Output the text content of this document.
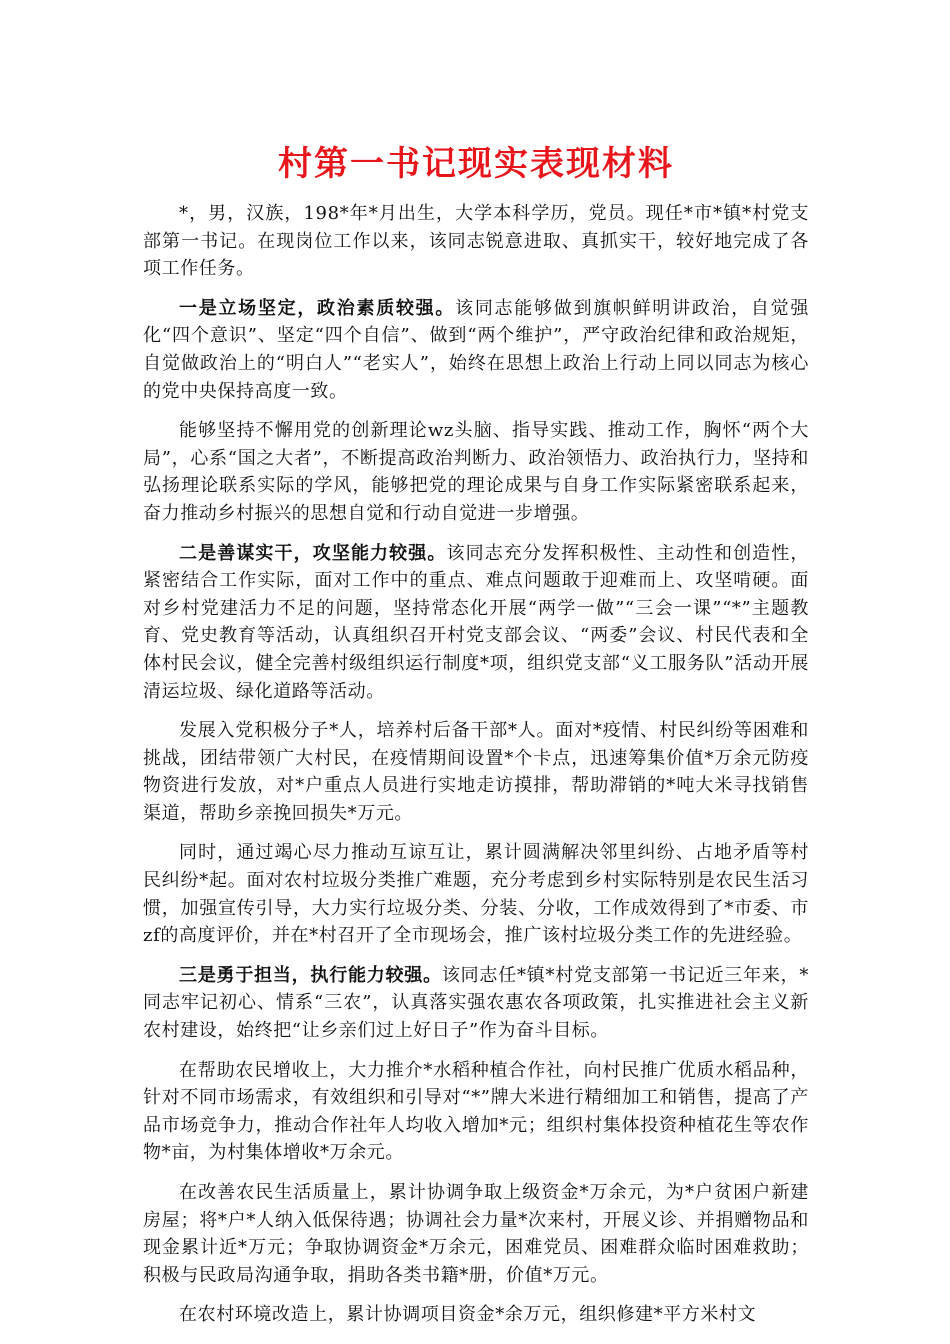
村第一书记现实表现材料

*，男，汉族，198*年*月出生，大学本科学历，党员。现任*市*镇*村党支部第一书记。在现岗位工作以来，该同志锐意进取、真抓实干，较好地完成了各项工作任务。

一是立场坚定，政治素质较强。该同志能够做到旗帜鲜明讲政治，自觉强化“四个意识”、坚定“四个自信”、做到“两个维护”，严守政治纪律和政治规矩，自觉做政治上的“明白人”“老实人”，始终在思想上政治上行动上同以同志为核心的党中央保持高度一致。

能够坚持不懈用党的创新理论wz头脑、指导实践、推动工作，胸怀“两个大局”，心系“国之大者”，不断提高政治判断力、政治领悟力、政治执行力，坚持和弘扬理论联系实际的学风，能够把党的理论成果与自身工作实际紧密联系起来，奋力推动乡村振兴的思想自觉和行动自觉进一步增强。

二是善谋实干，攻坚能力较强。该同志充分发挥积极性、主动性和创造性，紧密结合工作实际，面对工作中的重点、难点问题敢于迎难而上、攻坚啃硬。面对乡村党建活力不足的问题，坚持常态化开展“两学一做”“三会一课”“*”主题教育、党史教育等活动，认真组织召开村党支部会议、“两委”会议、村民代表和全体村民会议，健全完善村级组织运行制度*项，组织党支部“义工服务队”活动开展清运垃圾、绿化道路等活动。

发展入党积极分子*人，培养村后备干部*人。面对*疫情、村民纠纷等困难和挑战，团结带领广大村民，在疫情期间设置*个卡点，迅速筹集价值*万余元防疫物资进行发放，对*户重点人员进行实地走访摸排，帮助滞销的*吨大米寻找销售渠道，帮助乡亲挽回损失*万元。

同时，通过竭心尽力推动互谅互让，累计圆满解决邻里纠纷、占地矛盾等村民纠纷*起。面对农村垃圾分类推广难题，充分考虑到乡村实际特别是农民生活习惯，加强宣传引导，大力实行垃圾分类、分装、分收，工作成效得到了*市委、市zf的高度评价，并在*村召开了全市现场会，推广该村垃圾分类工作的先进经验。

三是勇于担当，执行能力较强。该同志任*镇*村党支部第一书记近三年来，*同志牢记初心、情系“三农”，认真落实强农惠农各项政策，扎实推进社会主义新农村建设，始终把“让乡亲们过上好日子”作为奋斗目标。

在帮助农民增收上，大力推介*水稻种植合作社，向村民推广优质水稻品种，针对不同市场需求，有效组织和引导对“*”牌大米进行精细加工和销售，提高了产品市场竞争力，推动合作社年人均收入增加*元；组织村集体投资种植花生等农作物*亩，为村集体增收*万余元。

在改善农民生活质量上，累计协调争取上级资金*万余元，为*户贫困户新建房屋；将*户*人纳入低保待遇；协调社会力量*次来村，开展义诊、并捐赠物品和现金累计近*万元；争取协调资金*万余元，困难党员、困难群众临时困难救助；积极与民政局沟通争取，捐助各类书籍*册，价值*万元。

在农村环境改造上，累计协调项目资金*余万元，组织修建*平方米村文
